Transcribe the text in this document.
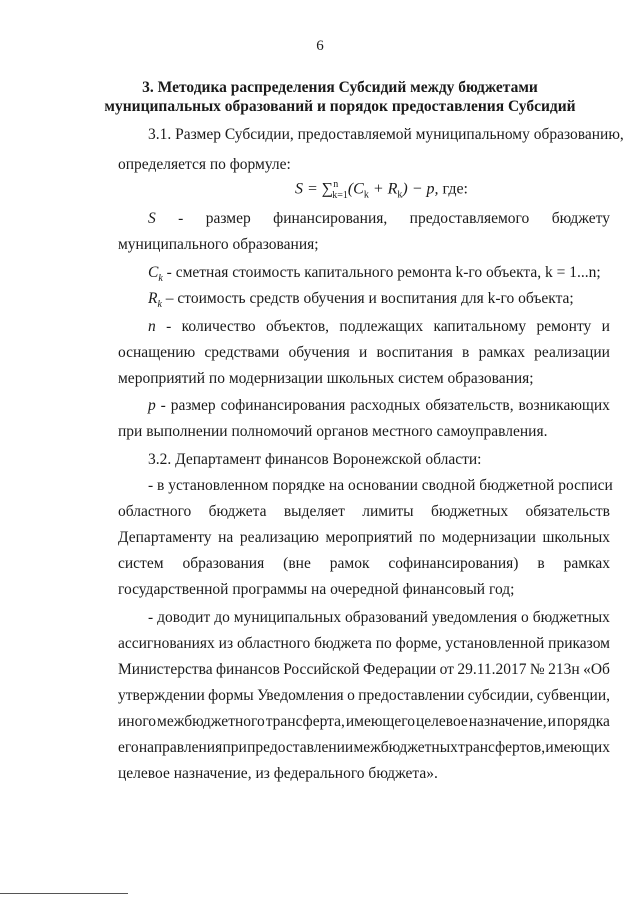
6
3. Методика распределения Субсидий между бюджетами
муниципальных образований и порядок предоставления Субсидий
3.1. Размер Субсидии, предоставляемой муниципальному образованию,
определяется по формуле:
$S = \sum^n_{k=1}(C_k + R_k) - p$, где:
S - размер финансирования, предоставляемого бюджету
муниципального образования;
$C_k$ - сметная стоимость капитального ремонта k-го объекта, k = 1...n;
$R_k$ – стоимость средств обучения и воспитания для k-го объекта;
n - количество объектов, подлежащих капитальному ремонту и
оснащению средствами обучения и воспитания в рамках реализации
мероприятий по модернизации школьных систем образования;
p - размер софинансирования расходных обязательств, возникающих
при выполнении полномочий органов местного самоуправления.
3.2. Департамент финансов Воронежской области:
- в установленном порядке на основании сводной бюджетной росписи
областного бюджета выделяет лимиты бюджетных обязательств
Департаменту на реализацию мероприятий по модернизации школьных
систем образования (вне рамок софинансирования) в рамках
государственной программы на очередной финансовый год;
- доводит до муниципальных образований уведомления о бюджетных
ассигнованиях из областного бюджета по форме, установленной приказом
Министерства финансов Российской Федерации от 29.11.2017 № 213н «Об
утверждении формы Уведомления о предоставлении субсидии, субвенции,
иного межбюджетного трансферта, имеющего целевое назначение, и порядка
его направления при предоставлении межбюджетных трансфертов, имеющих
целевое назначение, из федерального бюджета».
